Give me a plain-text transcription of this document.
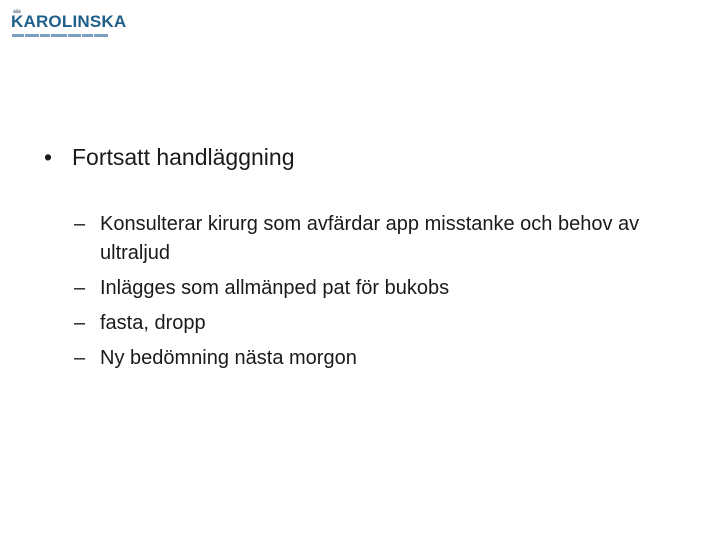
KAROLINSKA
• Fortsatt handläggning
– Konsulterar kirurg som avfärdar app misstanke och behov av ultraljud
– Inlägges som allmänped pat för bukobs
– fasta, dropp
– Ny bedömning nästa morgon
